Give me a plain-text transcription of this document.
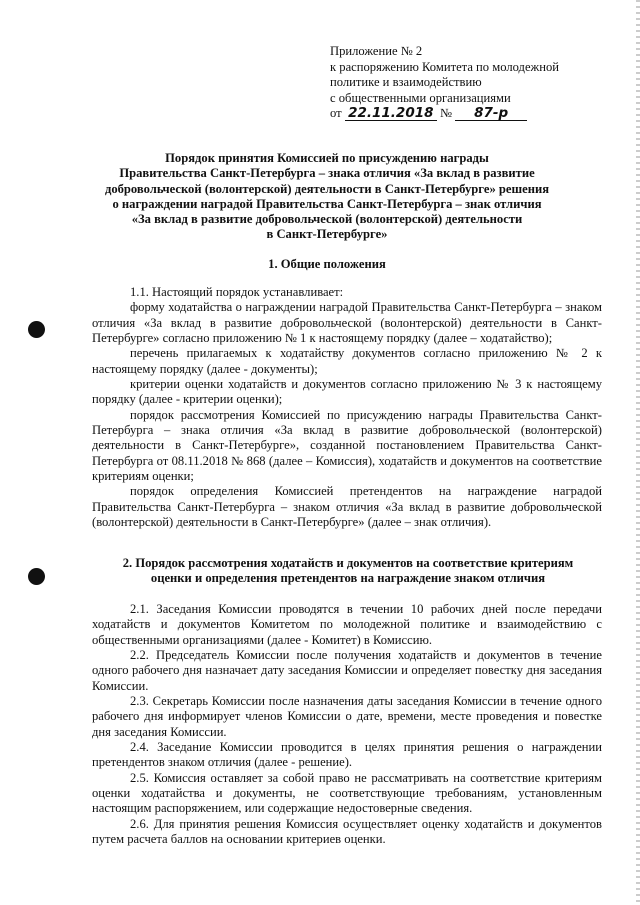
Приложение № 2
к распоряжению Комитета по молодежной
политике и взаимодействию
с общественными организациями
от 22.11.2018 № 87-р
Порядок принятия Комиссией по присуждению награды
Правительства Санкт-Петербурга – знака отличия «За вклад в развитие
добровольческой (волонтерской) деятельности в Санкт-Петербурге» решения
о награждении наградой Правительства Санкт-Петербурга – знак отличия
«За вклад в развитие добровольческой (волонтерской) деятельности
в Санкт-Петербурге»
1. Общие положения

1.1. Настоящий порядок устанавливает:

форму ходатайства о награждении наградой Правительства Санкт-Петербурга – знаком отличия «За вклад в развитие добровольческой (волонтерской) деятельности в Санкт-Петербурге» согласно приложению № 1 к настоящему порядку (далее – ходатайство);

перечень прилагаемых к ходатайству документов согласно приложению № 2 к настоящему порядку (далее - документы);

критерии оценки ходатайств и документов согласно приложению № 3 к настоящему порядку (далее - критерии оценки);

порядок рассмотрения Комиссией по присуждению награды Правительства Санкт-Петербурга – знака отличия «За вклад в развитие добровольческой (волонтерской) деятельности в Санкт-Петербурге», созданной постановлением Правительства Санкт-Петербурга от 08.11.2018 № 868 (далее – Комиссия), ходатайств и документов на соответствие критериям оценки;

порядок определения Комиссией претендентов на награждение наградой Правительства Санкт-Петербурга – знаком отличия «За вклад в развитие добровольческой (волонтерской) деятельности в Санкт-Петербурге» (далее – знак отличия).

2. Порядок рассмотрения ходатайств и документов на соответствие критериям
оценки и определения претендентов на награждение знаком отличия

2.1. Заседания Комиссии проводятся в течении 10 рабочих дней после передачи ходатайств и документов Комитетом по молодежной политике и взаимодействию с общественными организациями (далее - Комитет) в Комиссию.

2.2. Председатель Комиссии после получения ходатайств и документов в течение одного рабочего дня назначает дату заседания Комиссии и определяет повестку дня заседания Комиссии.

2.3. Секретарь Комиссии после назначения даты заседания Комиссии в течение одного рабочего дня информирует членов Комиссии о дате, времени, месте проведения и повестке дня заседания Комиссии.

2.4. Заседание Комиссии проводится в целях принятия решения о награждении претендентов знаком отличия (далее - решение).

2.5. Комиссия оставляет за собой право не рассматривать на соответствие критериям оценки ходатайства и документы, не соответствующие требованиям, установленным настоящим распоряжением, или содержащие недостоверные сведения.

2.6. Для принятия решения Комиссия осуществляет оценку ходатайств и документов путем расчета баллов на основании критериев оценки.
